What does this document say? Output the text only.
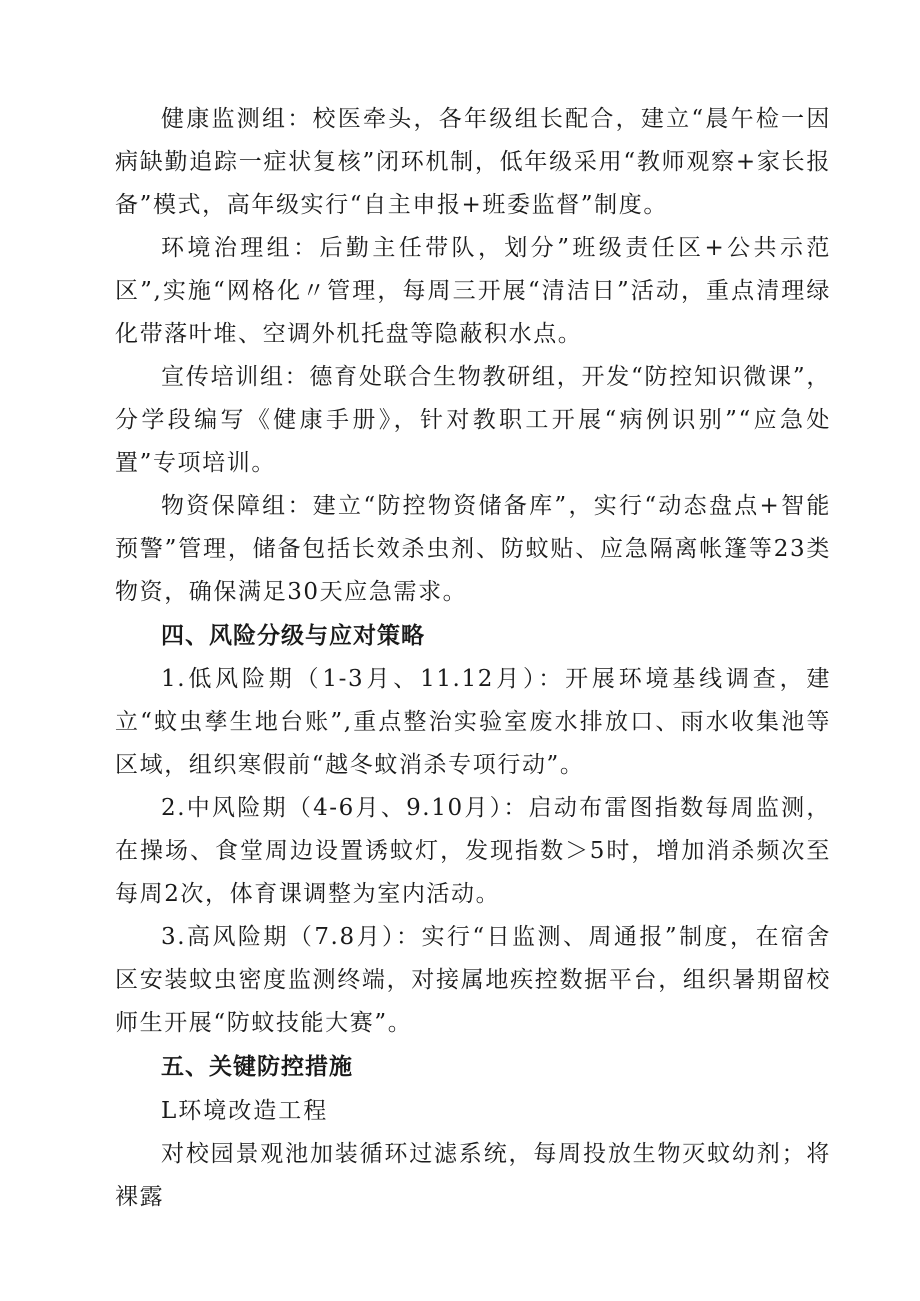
健康监测组：校医牵头，各年级组长配合，建立“晨午检一因病缺勤追踪一症状复核”闭环机制，低年级采用“教师观察+家长报备”模式，高年级实行“自主申报+班委监督”制度。

环境治理组：后勤主任带队，划分”班级责任区+公共示范区”,实施“网格化〃管理，每周三开展“清洁日”活动，重点清理绿化带落叶堆、空调外机托盘等隐蔽积水点。

宣传培训组：德育处联合生物教研组，开发“防控知识微课”，分学段编写《健康手册》，针对教职工开展“病例识别”“应急处置”专项培训。

物资保障组：建立“防控物资储备库”，实行“动态盘点+智能预警”管理，储备包括长效杀虫剂、防蚊贴、应急隔离帐篷等23类物资，确保满足30天应急需求。

四、风险分级与应对策略

1.低风险期（1-3月、11.12月）：开展环境基线调查，建立“蚊虫孳生地台账”,重点整治实验室废水排放口、雨水收集池等区域，组织寒假前“越冬蚊消杀专项行动”。

2.中风险期（4-6月、9.10月）：启动布雷图指数每周监测，在操场、食堂周边设置诱蚊灯，发现指数＞5时，增加消杀频次至每周2次，体育课调整为室内活动。

3.高风险期（7.8月）：实行“日监测、周通报”制度，在宿舍区安装蚊虫密度监测终端，对接属地疾控数据平台，组织暑期留校师生开展“防蚊技能大赛”。

五、关键防控措施

L环境改造工程

对校园景观池加装循环过滤系统，每周投放生物灭蚊幼剂；将裸露
